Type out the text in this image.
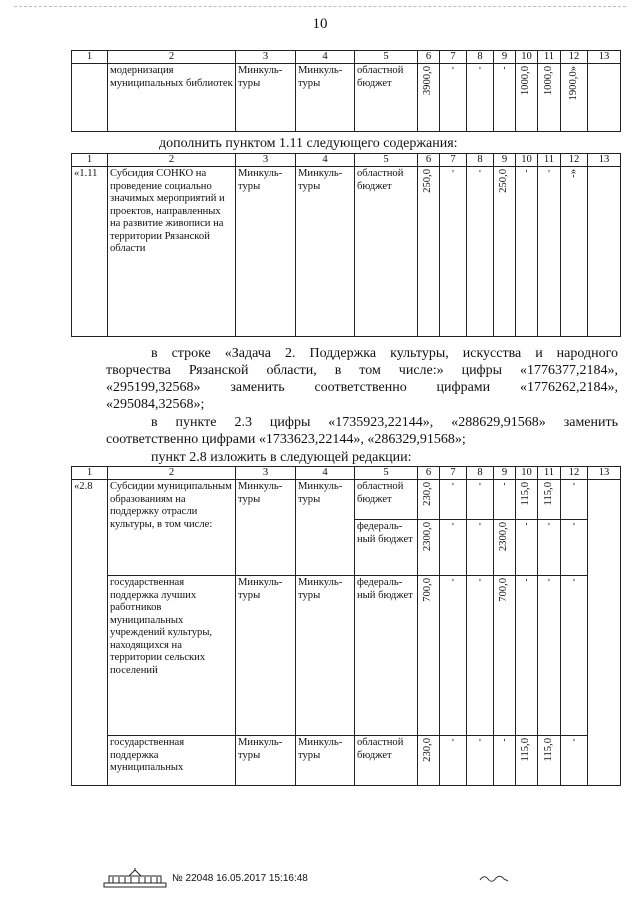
10
1	2	3	4	5	6	7	8	9	10	11	12	13
	модернизация муниципальных библиотек	Минкуль-туры	Минкуль-туры	областной бюджет	3900,0	'	'	'	1000,0	1000,0	1900,0»	
дополнить пунктом 1.11 следующего содержания:
1	2	3	4	5	6	7	8	9	10	11	12	13
«1.11	Субсидия СОНКО на проведение социально значимых мероприятий и проектов, направленных на развитие живописи на территории Рязанской области	Минкуль-туры	Минкуль-туры	областной бюджет	250,0	'	'	250,0	'	'	-»	
в строке «Задача 2. Поддержка культуры, искусства и народного
творчества Рязанской области, в том числе:» цифры «1776377,2184»,
«295199,32568» заменить соответственно цифрами «1776262,2184»,
«295084,32568»;
в пункте 2.3 цифры «1735923,22144», «288629,91568» заменить
соответственно цифрами «1733623,22144», «286329,91568»;
пункт 2.8 изложить в следующей редакции:
1	2	3	4	5	6	7	8	9	10	11	12	13
«2.8	Субсидии муниципальным образованиям на поддержку отрасли культуры, в том числе:	Минкуль-туры	Минкуль-туры	областной бюджет	230,0	'	'	'	115,0	115,0	'	
				федераль-ный бюджет	2300,0	'	'	2300,0	'	'	'	
	государственная поддержка лучших работников муниципальных учреждений культуры, находящихся на территории сельских поселений	Минкуль-туры	Минкуль-туры	федераль-ный бюджет	700,0	'	'	700,0	'	'	'	
	государственная поддержка муниципальных	Минкуль-туры	Минкуль-туры	областной бюджет	230,0	'	'	'	115,0	115,0	'	
№ 22048 16.05.2017 15:16:48
